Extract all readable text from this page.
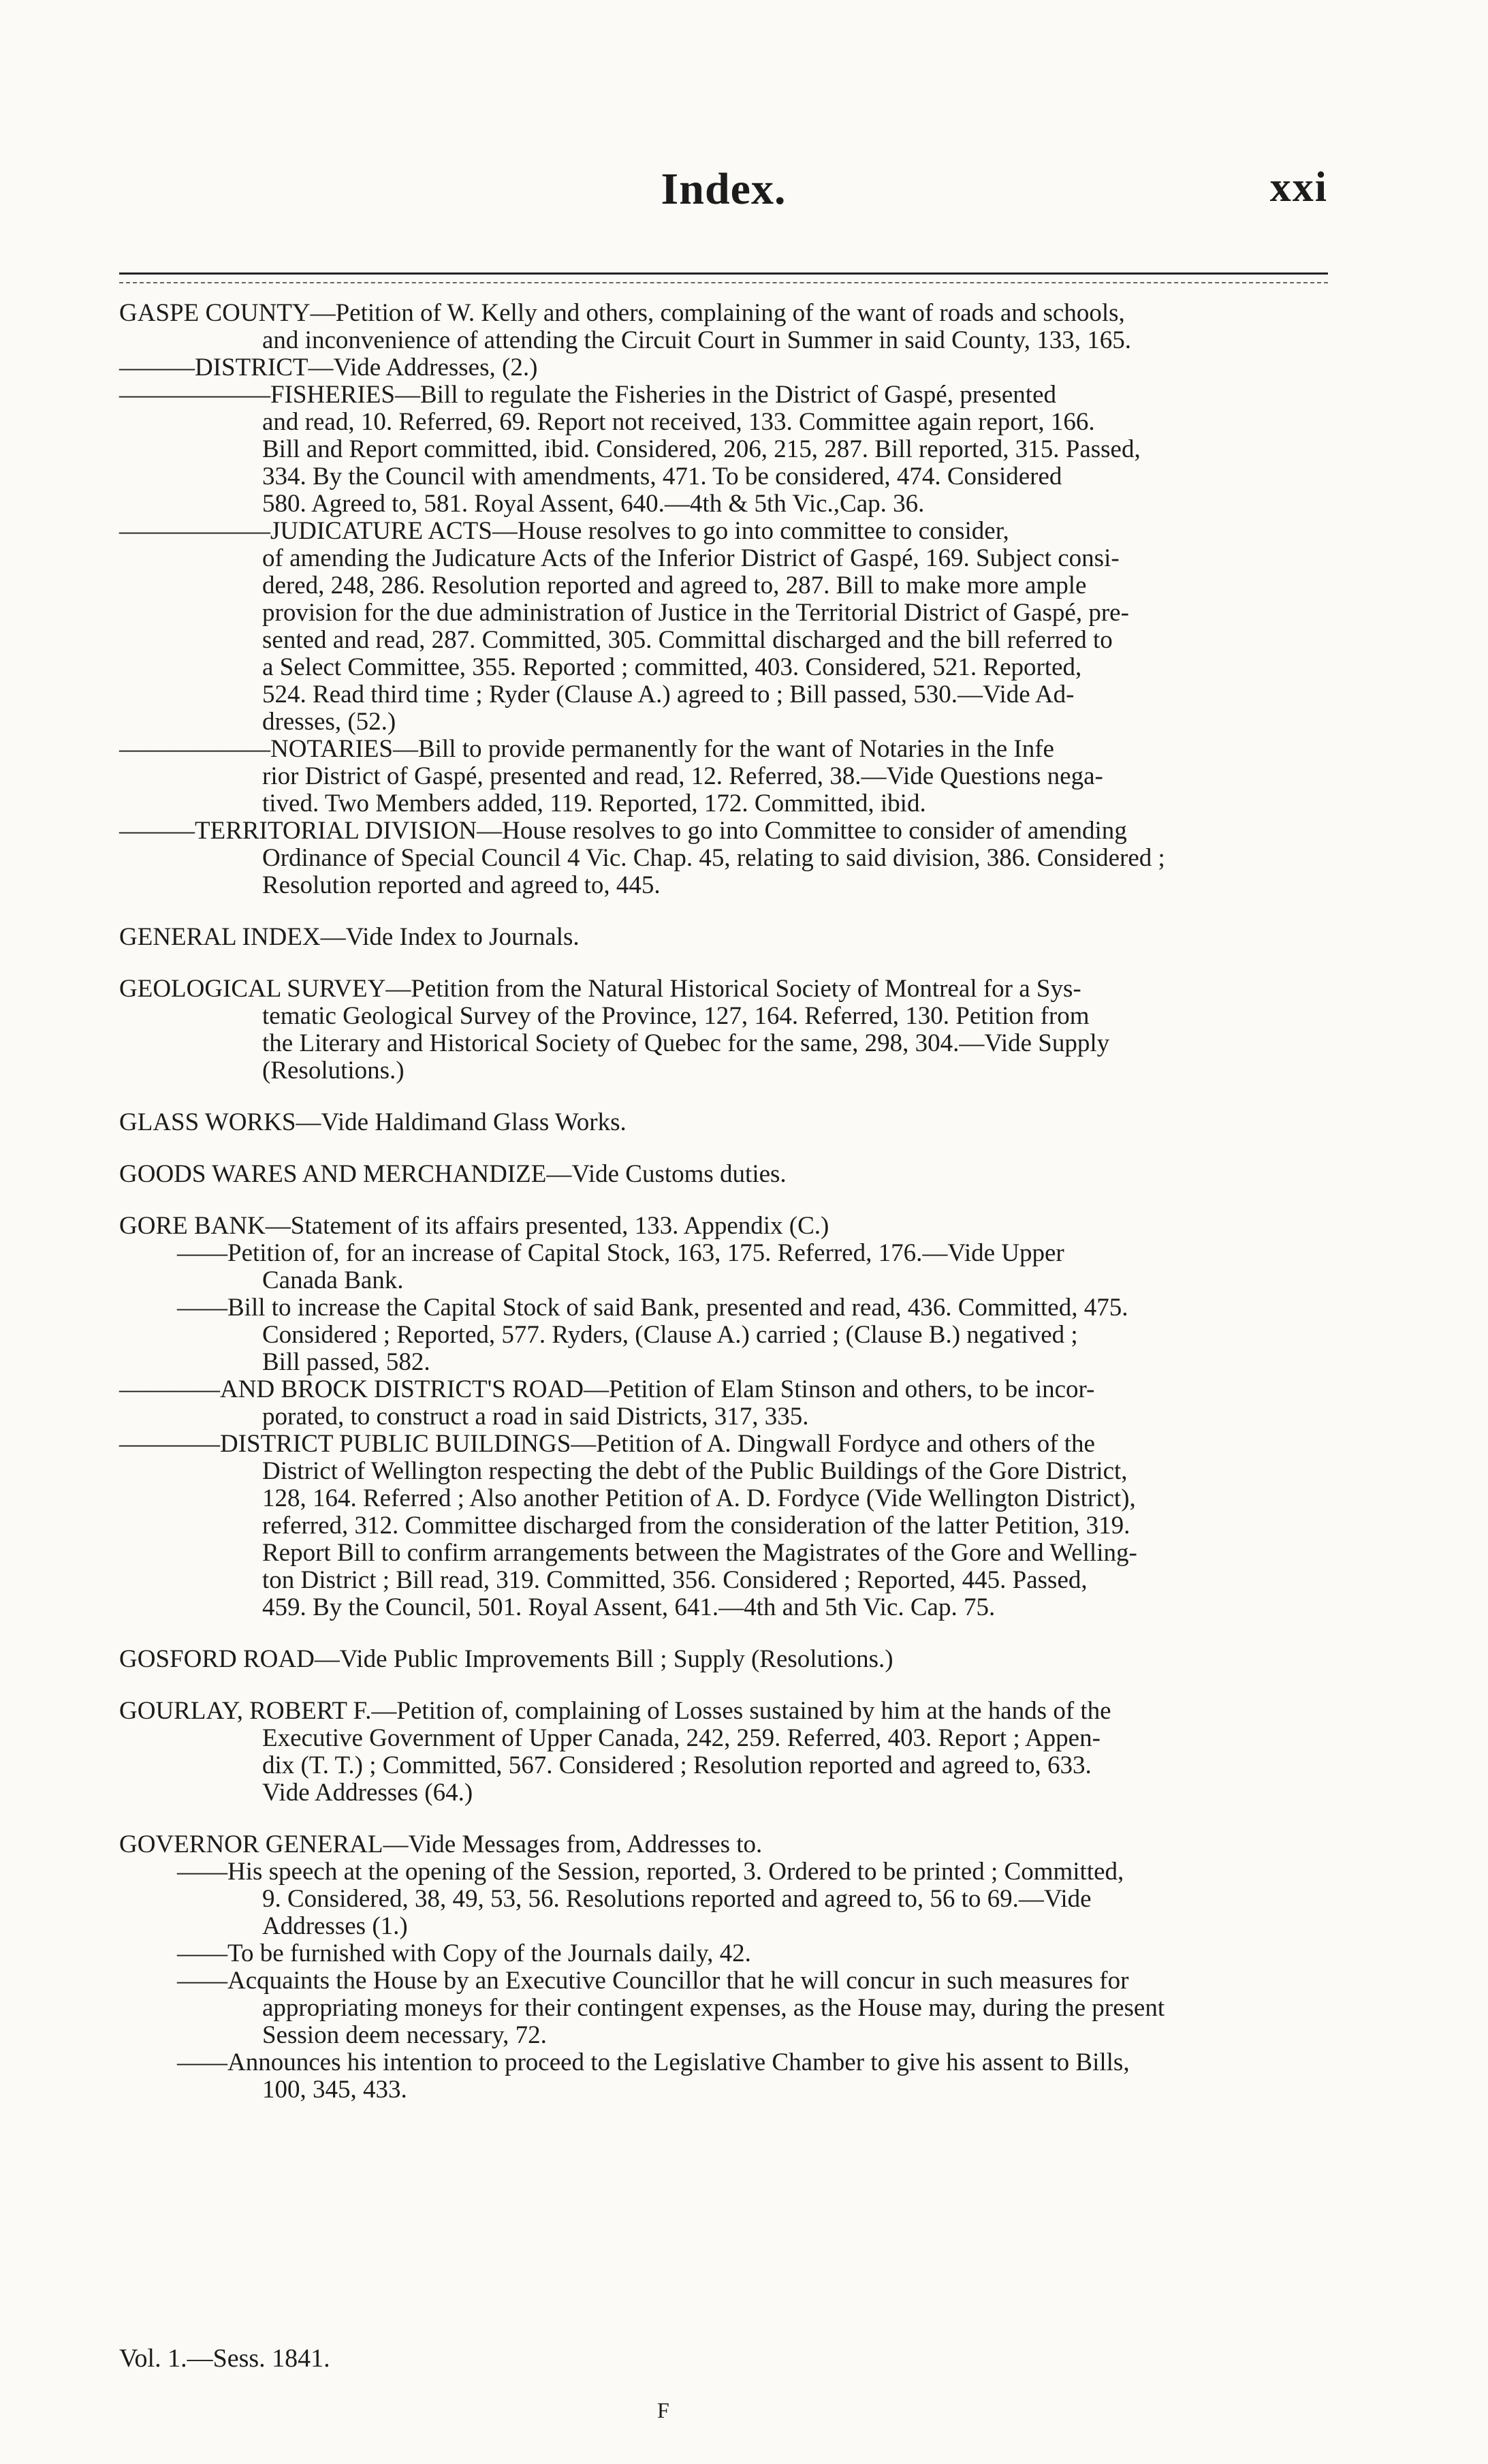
Index.	xxi
GASPE COUNTY—Petition of W. Kelly and others, complaining of the want of roads and schools,
and inconvenience of attending the Circuit Court in Summer in said County, 133, 165.
———DISTRICT—Vide Addresses, (2.)
——————FISHERIES—Bill to regulate the Fisheries in the District of Gaspé, presented
and read, 10. Referred, 69. Report not received, 133. Committee again report, 166.
Bill and Report committed, ibid. Considered, 206, 215, 287. Bill reported, 315. Passed,
334. By the Council with amendments, 471. To be considered, 474. Considered
580. Agreed to, 581. Royal Assent, 640.—4th & 5th Vic.,Cap. 36.
——————JUDICATURE ACTS—House resolves to go into committee to consider,
of amending the Judicature Acts of the Inferior District of Gaspé, 169. Subject consi-
dered, 248, 286. Resolution reported and agreed to, 287. Bill to make more ample
provision for the due administration of Justice in the Territorial District of Gaspé, pre-
sented and read, 287. Committed, 305. Committal discharged and the bill referred to
a Select Committee, 355. Reported ; committed, 403. Considered, 521. Reported,
524. Read third time ; Ryder (Clause A.) agreed to ; Bill passed, 530.—Vide Ad-
dresses, (52.)
——————NOTARIES—Bill to provide permanently for the want of Notaries in the Infe
rior District of Gaspé, presented and read, 12. Referred, 38.—Vide Questions nega-
tived. Two Members added, 119. Reported, 172. Committed, ibid.
———TERRITORIAL DIVISION—House resolves to go into Committee to consider of amending
Ordinance of Special Council 4 Vic. Chap. 45, relating to said division, 386. Considered ;
Resolution reported and agreed to, 445.
GENERAL INDEX—Vide Index to Journals.
GEOLOGICAL SURVEY—Petition from the Natural Historical Society of Montreal for a Sys-
tematic Geological Survey of the Province, 127, 164. Referred, 130. Petition from
the Literary and Historical Society of Quebec for the same, 298, 304.—Vide Supply
(Resolutions.)
GLASS WORKS—Vide Haldimand Glass Works.
GOODS WARES AND MERCHANDIZE—Vide Customs duties.
GORE BANK—Statement of its affairs presented, 133. Appendix (C.)
——Petition of, for an increase of Capital Stock, 163, 175. Referred, 176.—Vide Upper
Canada Bank.
——Bill to increase the Capital Stock of said Bank, presented and read, 436. Committed, 475.
Considered ; Reported, 577. Ryders, (Clause A.) carried ; (Clause B.) negatived ;
Bill passed, 582.
————AND BROCK DISTRICT'S ROAD—Petition of Elam Stinson and others, to be incor-
porated, to construct a road in said Districts, 317, 335.
————DISTRICT PUBLIC BUILDINGS—Petition of A. Dingwall Fordyce and others of the
District of Wellington respecting the debt of the Public Buildings of the Gore District,
128, 164. Referred ; Also another Petition of A. D. Fordyce (Vide Wellington District),
referred, 312. Committee discharged from the consideration of the latter Petition, 319.
Report Bill to confirm arrangements between the Magistrates of the Gore and Welling-
ton District ; Bill read, 319. Committed, 356. Considered ; Reported, 445. Passed,
459. By the Council, 501. Royal Assent, 641.—4th and 5th Vic. Cap. 75.
GOSFORD ROAD—Vide Public Improvements Bill ; Supply (Resolutions.)
GOURLAY, ROBERT F.—Petition of, complaining of Losses sustained by him at the hands of the
Executive Government of Upper Canada, 242, 259. Referred, 403. Report ; Appen-
dix (T. T.) ; Committed, 567. Considered ; Resolution reported and agreed to, 633.
Vide Addresses (64.)
GOVERNOR GENERAL—Vide Messages from, Addresses to.
——His speech at the opening of the Session, reported, 3. Ordered to be printed ; Committed,
9. Considered, 38, 49, 53, 56. Resolutions reported and agreed to, 56 to 69.—Vide
Addresses (1.)
——To be furnished with Copy of the Journals daily, 42.
——Acquaints the House by an Executive Councillor that he will concur in such measures for
appropriating moneys for their contingent expenses, as the House may, during the present
Session deem necessary, 72.
——Announces his intention to proceed to the Legislative Chamber to give his assent to Bills,
100, 345, 433.
Vol. 1.—Sess. 1841.
F
